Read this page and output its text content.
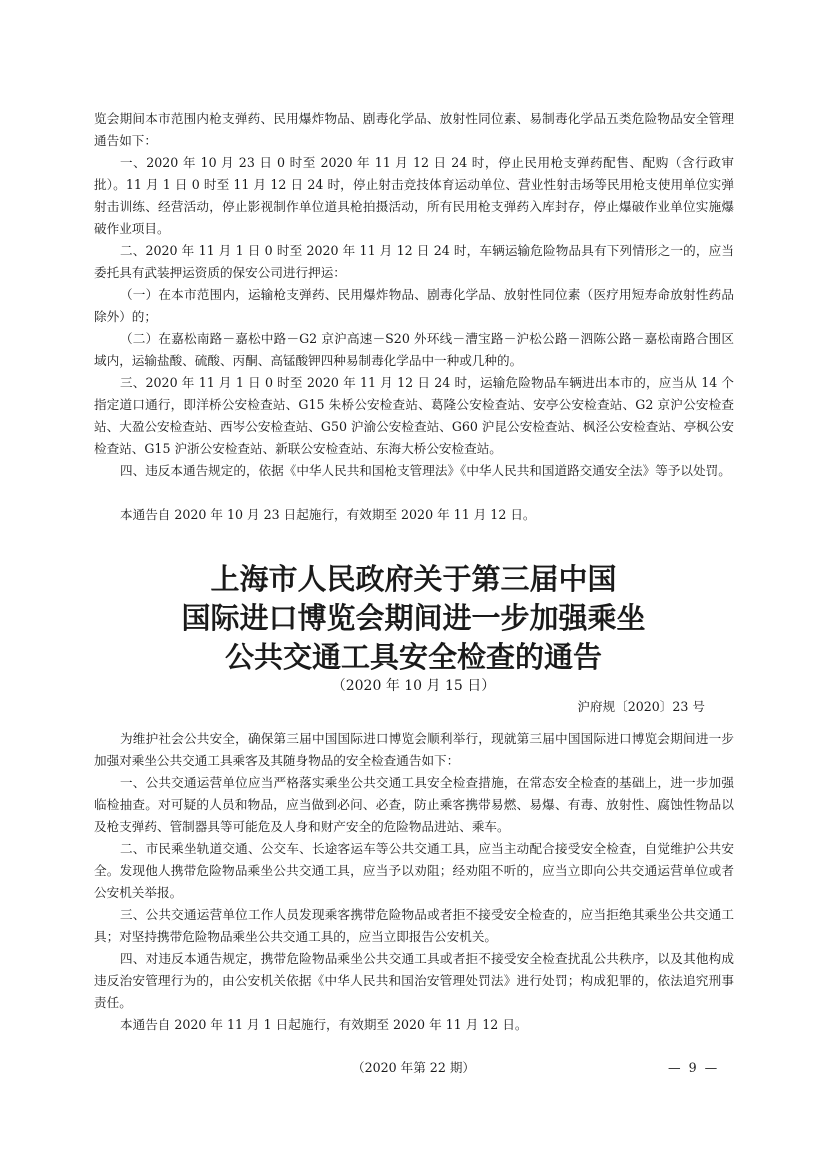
览会期间本市范围内枪支弹药、民用爆炸物品、剧毒化学品、放射性同位素、易制毒化学品五类危险物品安全管理通告如下：

一、2020 年 10 月 23 日 0 时至 2020 年 11 月 12 日 24 时，停止民用枪支弹药配售、配购（含行政审批）。11 月 1 日 0 时至 11 月 12 日 24 时，停止射击竞技体育运动单位、营业性射击场等民用枪支使用单位实弹射击训练、经营活动，停止影视制作单位道具枪拍摄活动，所有民用枪支弹药入库封存，停止爆破作业单位实施爆破作业项目。

二、2020 年 11 月 1 日 0 时至 2020 年 11 月 12 日 24 时，车辆运输危险物品具有下列情形之一的，应当委托具有武装押运资质的保安公司进行押运：

（一）在本市范围内，运输枪支弹药、民用爆炸物品、剧毒化学品、放射性同位素（医疗用短寿命放射性药品除外）的；

（二）在嘉松南路－嘉松中路－G2 京沪高速－S20 外环线－漕宝路－沪松公路－泗陈公路－嘉松南路合围区域内，运输盐酸、硫酸、丙酮、高锰酸钾四种易制毒化学品中一种或几种的。

三、2020 年 11 月 1 日 0 时至 2020 年 11 月 12 日 24 时，运输危险物品车辆进出本市的，应当从 14 个指定道口通行，即洋桥公安检查站、G15 朱桥公安检查站、葛隆公安检查站、安亭公安检查站、G2 京沪公安检查站、大盈公安检查站、西岑公安检查站、G50 沪渝公安检查站、G60 沪昆公安检查站、枫泾公安检查站、亭枫公安检查站、G15 沪浙公安检查站、新联公安检查站、东海大桥公安检查站。

四、违反本通告规定的，依据《中华人民共和国枪支管理法》《中华人民共和国道路交通安全法》等予以处罚。

本通告自 2020 年 10 月 23 日起施行，有效期至 2020 年 11 月 12 日。

上海市人民政府关于第三届中国
国际进口博览会期间进一步加强乘坐
公共交通工具安全检查的通告
（2020 年 10 月 15 日）
沪府规〔2020〕23 号

为维护社会公共安全，确保第三届中国国际进口博览会顺利举行，现就第三届中国国际进口博览会期间进一步加强对乘坐公共交通工具乘客及其随身物品的安全检查通告如下：

一、公共交通运营单位应当严格落实乘坐公共交通工具安全检查措施，在常态安全检查的基础上，进一步加强临检抽查。对可疑的人员和物品，应当做到必问、必查，防止乘客携带易燃、易爆、有毒、放射性、腐蚀性物品以及枪支弹药、管制器具等可能危及人身和财产安全的危险物品进站、乘车。

二、市民乘坐轨道交通、公交车、长途客运车等公共交通工具，应当主动配合接受安全检查，自觉维护公共安全。发现他人携带危险物品乘坐公共交通工具，应当予以劝阻；经劝阻不听的，应当立即向公共交通运营单位或者公安机关举报。

三、公共交通运营单位工作人员发现乘客携带危险物品或者拒不接受安全检查的，应当拒绝其乘坐公共交通工具；对坚持携带危险物品乘坐公共交通工具的，应当立即报告公安机关。

四、对违反本通告规定，携带危险物品乘坐公共交通工具或者拒不接受安全检查扰乱公共秩序，以及其他构成违反治安管理行为的，由公安机关依据《中华人民共和国治安管理处罚法》进行处罚；构成犯罪的，依法追究刑事责任。

本通告自 2020 年 11 月 1 日起施行，有效期至 2020 年 11 月 12 日。

（2020 年第 22 期）	— 9 —
